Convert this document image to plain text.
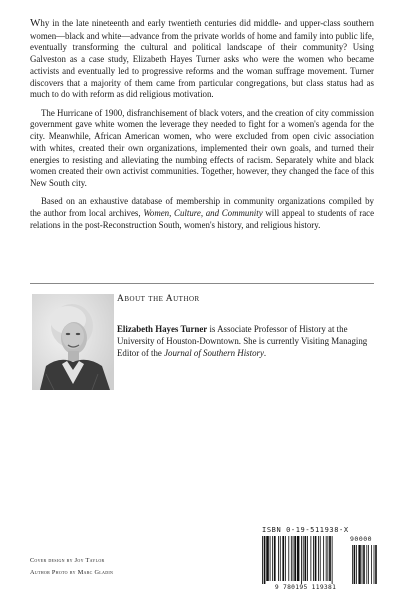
Why in the late nineteenth and early twentieth centuries did middle- and upper-class southern women—black and white—advance from the private worlds of home and family into public life, eventually transforming the cultural and political landscape of their community? Using Galveston as a case study, Elizabeth Hayes Turner asks who were the women who became activists and eventually led to progressive reforms and the woman suffrage movement. Turner discovers that a majority of them came from particular congregations, but class status had as much to do with reform as did religious motivation.

The Hurricane of 1900, disfranchisement of black voters, and the creation of city commission government gave white women the leverage they needed to fight for a women's agenda for the city. Meanwhile, African American women, who were excluded from open civic association with whites, created their own organizations, implemented their own goals, and turned their energies to resisting and alleviating the numbing effects of racism. Separately white and black women created their own activist communities. Together, however, they changed the face of this New South city.

Based on an exhaustive database of membership in community organizations compiled by the author from local archives, Women, Culture, and Community will appeal to students of race relations in the post-Reconstruction South, women's history, and religious history.

About the Author
Elizabeth Hayes Turner is Associate Professor of History at the University of Houston-Downtown. She is currently Visiting Managing Editor of the Journal of Southern History.
Cover design by Joy Taylor
Author Photo by Marc Gladin
ISBN 0-19-511938-X
90000
9 780195 119381
